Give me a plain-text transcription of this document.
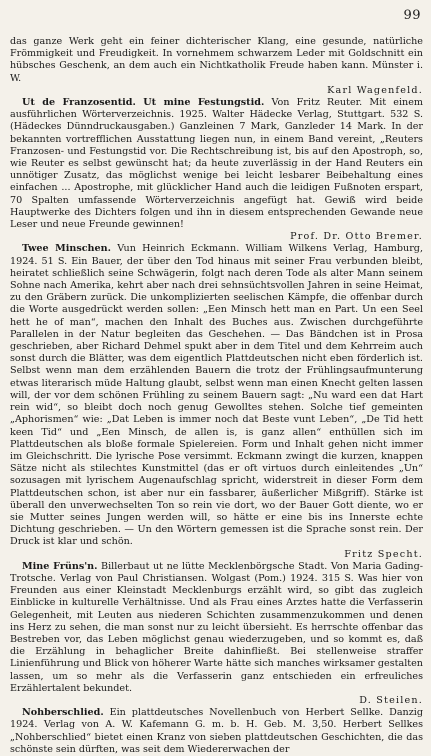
99

das ganze Werk geht ein feiner dichterischer Klang, eine gesunde, natürliche Frömmigkeit und Freudigkeit. In vornehmem schwarzem Leder mit Goldschnitt ein hübsches Geschenk, an dem auch ein Nichtkatholik Freude haben kann. Münster i. W.
Karl Wagenfeld.

Ut de Franzosentid. Ut mine Festungstid. Von Fritz Reuter. Mit einem ausführlichen Wörterverzeichnis. 1925. Walter Hädecke Verlag, Stuttgart. 532 S. (Hädeckes Dünndruckausgaben.) Ganzleinen 7 Mark, Ganzleder 14 Mark. In der bekannten vortrefflichen Ausstattung liegen nun, in einem Band vereint, „Reuters Franzosen- und Festungstid vor. Die Rechtschreibung ist, bis auf den Apostroph, so, wie Reuter es selbst gewünscht hat; da heute zuverlässig in der Hand Reuters ein unnötiger Zusatz, das möglichst wenige bei leicht lesbarer Beibehaltung eines einfachen ... Apostrophe, mit glücklicher Hand auch die leidigen Fußnoten erspart, 70 Spalten umfassende Wörterverzeichnis angefügt hat. Gewiß wird beide Hauptwerke des Dichters folgen und ihn in diesem entsprechenden Gewande neue Leser und neue Freunde gewinnen!
Prof. Dr. Otto Bremer.

Twee Minschen. Vun Heinrich Eckmann. William Wilkens Verlag, Hamburg, 1924. 51 S. Ein Bauer, der über den Tod hinaus mit seiner Frau verbunden bleibt, heiratet schließlich seine Schwägerin, folgt nach deren Tode als alter Mann seinem Sohne nach Amerika, kehrt aber nach drei sehnsüchtsvollen Jahren in seine Heimat, zu den Gräbern zurück. Die unkomplizierten seelischen Kämpfe, die offenbar durch die Worte ausgedrückt werden sollen: „Een Minsch hett man en Part. Un een Seel hett he of man“, machen den Inhalt des Buches aus. Zwischen durchgeführte Parallelen in der Natur begleiten das Geschehen. — Das Bändchen ist in Prosa geschrieben, aber Richard Dehmel spukt aber in dem Titel und dem Kehrreim auch sonst durch die Blätter, was dem eigentlich Plattdeutschen nicht eben förderlich ist. Selbst wenn man dem erzählenden Bauern die trotz der Frühlingsaufmunterung etwas literarisch müde Haltung glaubt, selbst wenn man einen Knecht gelten lassen will, der vor dem schönen Frühling zu seinem Bauern sagt: „Nu ward een dat Hart rein wid“, so bleibt doch noch genug Gewolltes stehen. Solche tief gemeinten „Aphorismen“ wie: „Dat Leben is immer noch dat Beste vunt Leben“, „De Tid hett keen Tid“ und „Een Minsch, de allen is, is ganz allen“ enthüllen sich im Plattdeutschen als bloße formale Spielereien. Form und Inhalt gehen nicht immer im Gleichschritt. Die lyrische Pose versimmt. Eckmann zwingt die kurzen, knappen Sätze nicht als stilechtes Kunstmittel (das er oft virtuos durch einleitendes „Un“ sozusagen mit lyrischem Augenaufschlag spricht, widerstreit in dieser Form dem Plattdeutschen schon, ist aber nur ein fassbarer, äußerlicher Mißgriff). Stärke ist überall den unverwechselten Ton so rein vie dort, wo der Bauer Gott diente, wo er sie Mutter seines Jungen werden will, so hätte er eine bis ins Innerste echte Dichtung geschrieben. — Un den Wörtern gemessen ist die Sprache sonst rein. Der Druck ist klar und schön.
Fritz Specht.

Mine Früns'n. Billerbaut ut ne lütte Mecklenbörgsche Stadt. Von Maria Gading-Trotsche. Verlag von Paul Christiansen. Wolgast (Pom.) 1924. 315 S. Was hier von Freunden aus einer Kleinstadt Mecklenburgs erzählt wird, so gibt das zugleich Einblicke in kulturelle Verhältnisse. Und als Frau eines Arztes hatte die Verfasserin Gelegenheit, mit Leuten aus niederen Schichten zusammenzukommen und denen ins Herz zu sehen, die man sonst nur zu leicht übersieht. Es herrschte offenbar das Bestreben vor, das Leben möglichst genau wiederzugeben, und so kommt es, daß die Erzählung in behaglicher Breite dahinfließt. Bei stellenweise straffer Linienführung und Blick von höherer Warte hätte sich manches wirksamer gestalten lassen, um so mehr als die Verfasserin ganz entschieden ein erfreuliches Erzählertalent bekundet.
D. Steilen.

Nohberschlied. Ein plattdeutsches Novellenbuch von Herbert Sellke. Danzig 1924. Verlag von A. W. Kafemann G. m. b. H. Geb. M. 3,50. Herbert Sellkes „Nohberschlied“ bietet einen Kranz von sieben plattdeutschen Geschichten, die das schönste sein dürften, was seit dem Wiedererwachen der
